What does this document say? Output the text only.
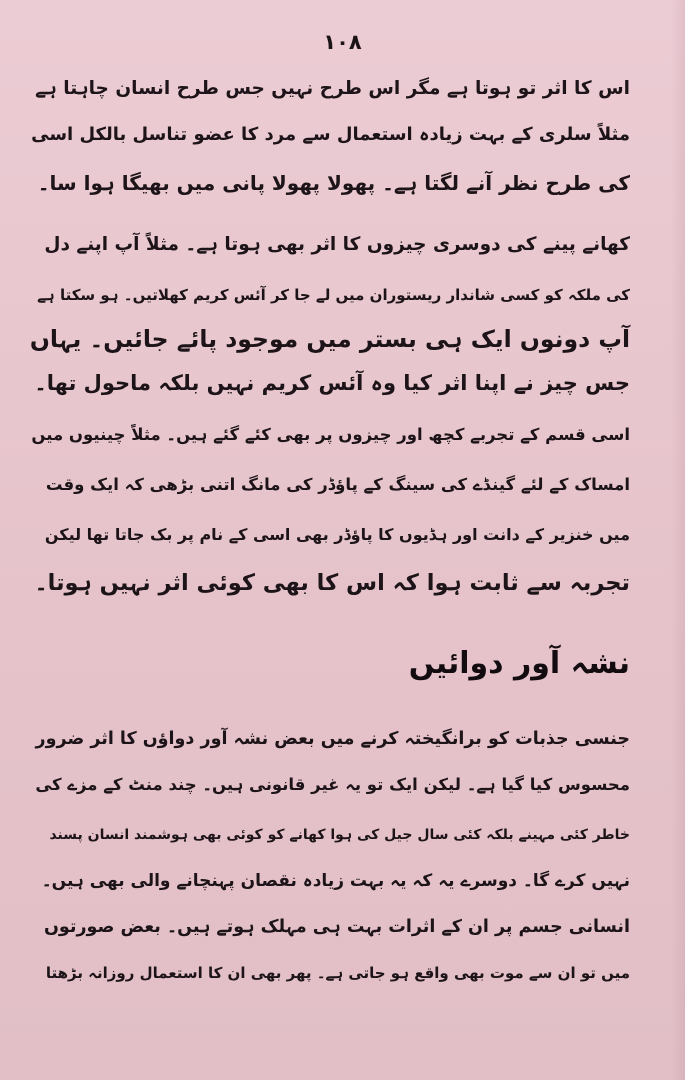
۱۰۸
اس کا اثر تو ہوتا ہے مگر اس طرح نہیں جس طرح انسان چاہتا ہے
مثلاً سلری کے بہت زیادہ استعمال سے مرد کا عضو تناسل بالکل اسی
کی طرح نظر آنے لگتا ہے۔ پھولا پھولا پانی میں بھیگا ہوا سا۔
کھانے پینے کی دوسری چیزوں کا اثر بھی ہوتا ہے۔ مثلاً آپ اپنے دل
کی ملکہ کو کسی شاندار ریستوران میں لے جا کر آئس کریم کھلاتیں۔ ہو سکتا ہے
آپ دونوں ایک ہی بستر میں موجود پائے جائیں۔ یہاں
جس چیز نے اپنا اثر کیا وہ آئس کریم نہیں بلکہ ماحول تھا۔
اسی قسم کے تجربے کچھ اور چیزوں پر بھی کئے گئے ہیں۔ مثلاً چینیوں میں
امساک کے لئے گینڈے کی سینگ کے پاؤڈر کی مانگ اتنی بڑھی کہ ایک وقت
میں خنزیر کے دانت اور ہڈیوں کا پاؤڈر بھی اسی کے نام پر بک جاتا تھا لیکن
تجربہ سے ثابت ہوا کہ اس کا بھی کوئی اثر نہیں ہوتا۔
نشہ آور دوائیں
جنسی جذبات کو برانگیختہ کرنے میں بعض نشہ آور دواؤں کا اثر ضرور
محسوس کیا گیا ہے۔ لیکن ایک تو یہ غیر قانونی ہیں۔ چند منٹ کے مزے کی
خاطر کئی مہینے بلکہ کئی سال جیل کی ہوا کھانے کو کوئی بھی ہوشمند انسان پسند
نہیں کرے گا۔ دوسرے یہ کہ یہ بہت زیادہ نقصان پہنچانے والی بھی ہیں۔
انسانی جسم پر ان کے اثرات بہت ہی مہلک ہوتے ہیں۔ بعض صورتوں
میں تو ان سے موت بھی واقع ہو جاتی ہے۔ پھر بھی ان کا استعمال روزانہ بڑھتا
